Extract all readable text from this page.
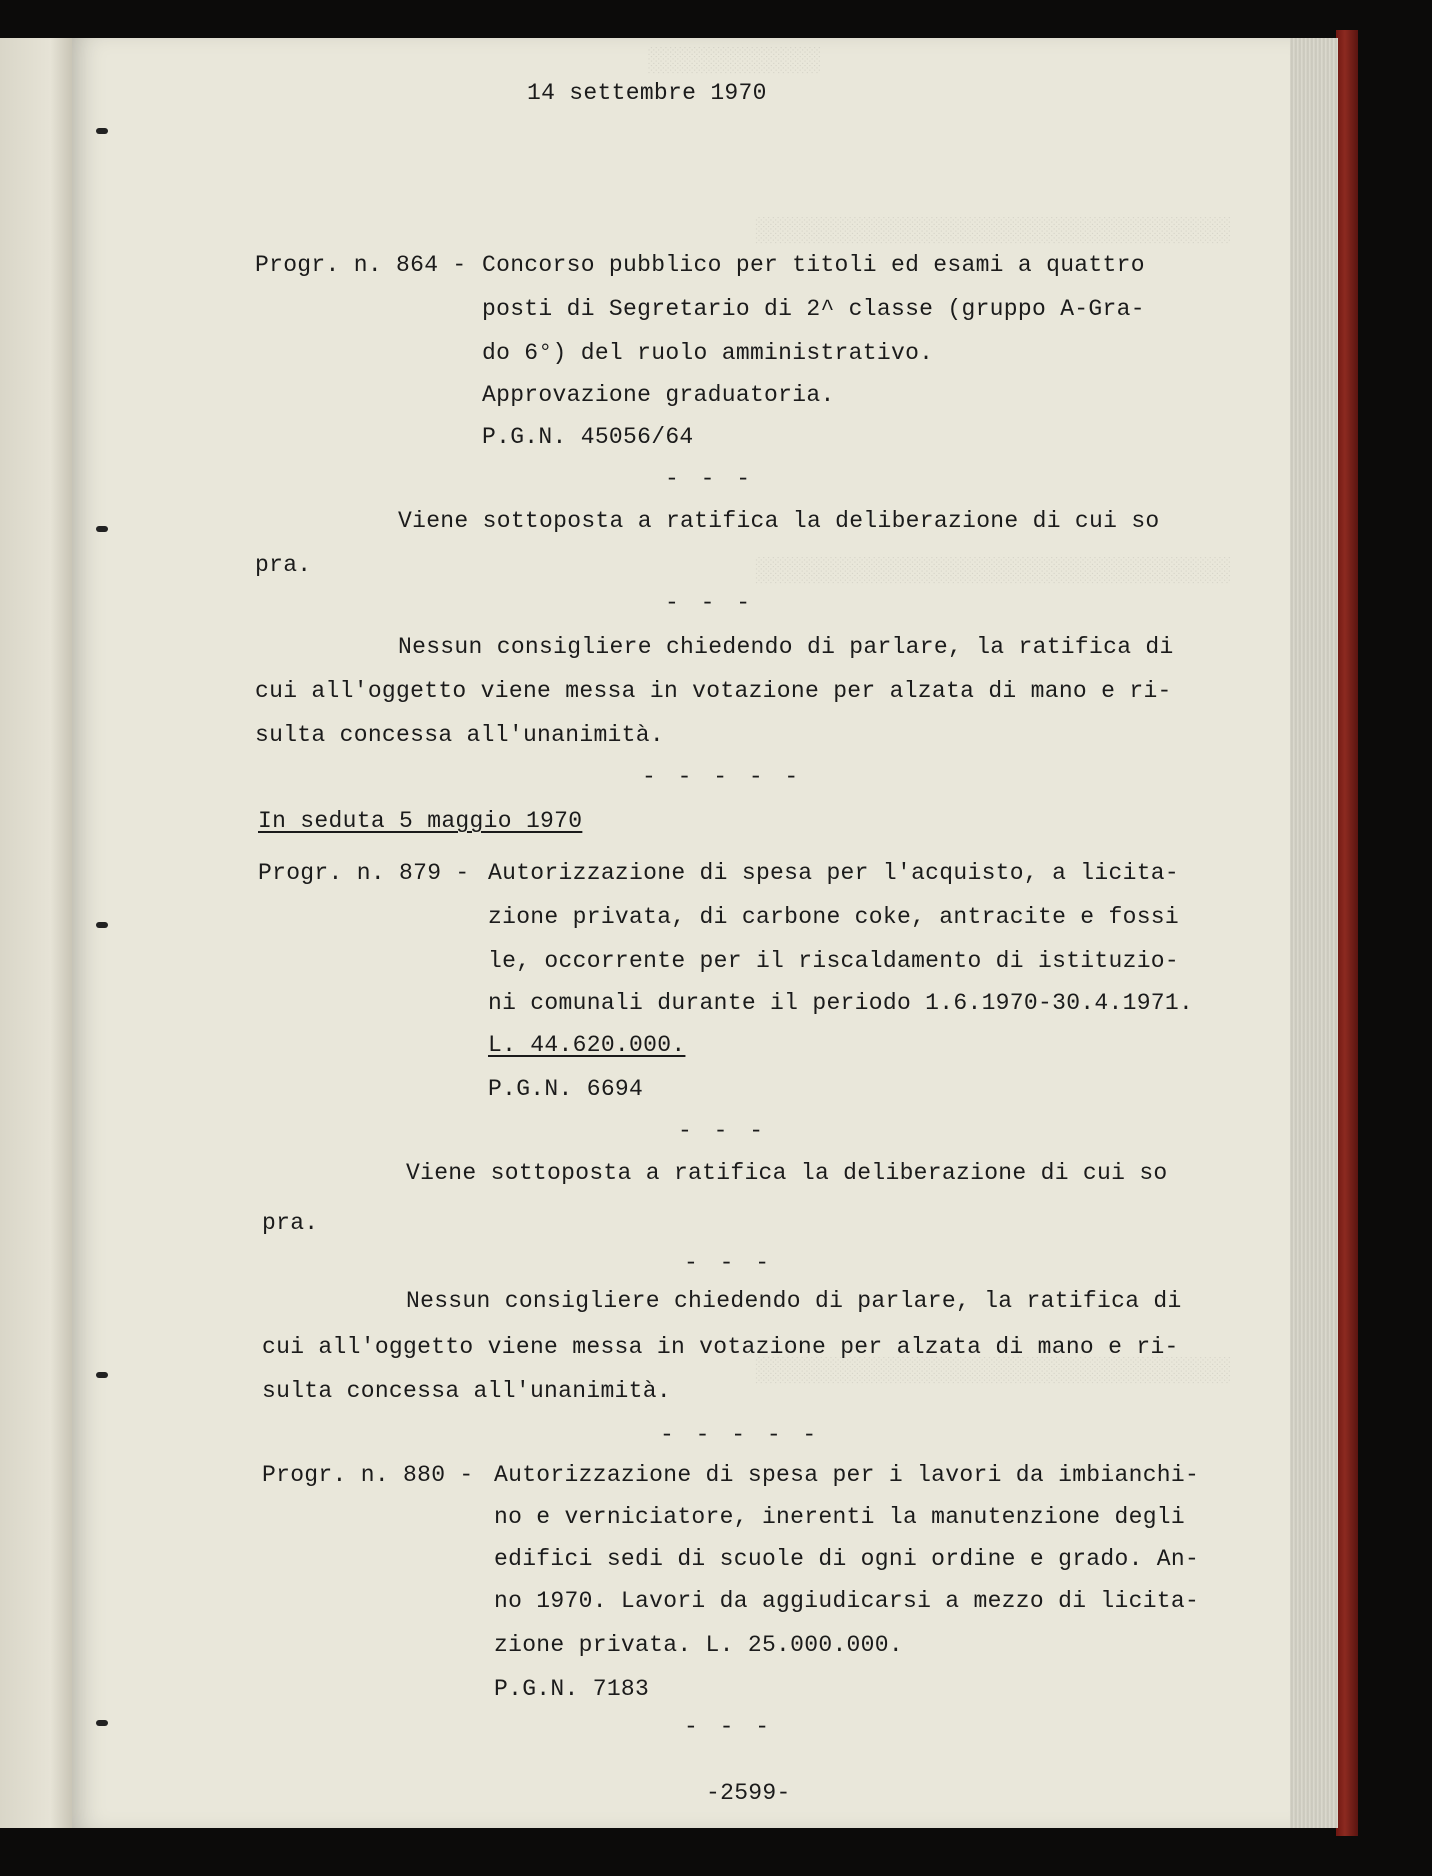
░░░░░░░░░░░░
░░░░░░░░░░░░░░░░░░░░░░░░░░░░░░░░░
░░░░░░░░░░░░░░░░░░░░░░░░░░░░░░░░░
░░░░░░░░░░░░░░░░░░░░░░░░░░░░░░░░░
14 settembre 1970
Progr. n. 864 - Concorso pubblico per titoli ed esami a quattro
posti di Segretario di 2^ classe (gruppo A-Gra-
do 6°) del ruolo amministrativo.
Approvazione graduatoria.
P.G.N. 45056/64
- - -
Viene sottoposta a ratifica la deliberazione di cui so
pra.
- - -
Nessun consigliere chiedendo di parlare, la ratifica di
cui all'oggetto viene messa in votazione per alzata di mano e ri-
sulta concessa all'unanimità.
- - - - -
In seduta 5 maggio 1970
Progr. n. 879 - Autorizzazione di spesa per l'acquisto, a licita-
zione privata, di carbone coke, antracite e fossi
le, occorrente per il riscaldamento di istituzio-
ni comunali durante il periodo 1.6.1970-30.4.1971.
L. 44.620.000.
P.G.N. 6694
- - -
Viene sottoposta a ratifica la deliberazione di cui so
pra.
- - -
Nessun consigliere chiedendo di parlare, la ratifica di
cui all'oggetto viene messa in votazione per alzata di mano e ri-
sulta concessa all'unanimità.
- - - - -
Progr. n. 880 - Autorizzazione di spesa per i lavori da imbianchi-
no e verniciatore, inerenti la manutenzione degli
edifici sedi di scuole di ogni ordine e grado. An-
no 1970. Lavori da aggiudicarsi a mezzo di licita-
zione privata. L. 25.000.000.
P.G.N. 7183
- - -
-2599-
